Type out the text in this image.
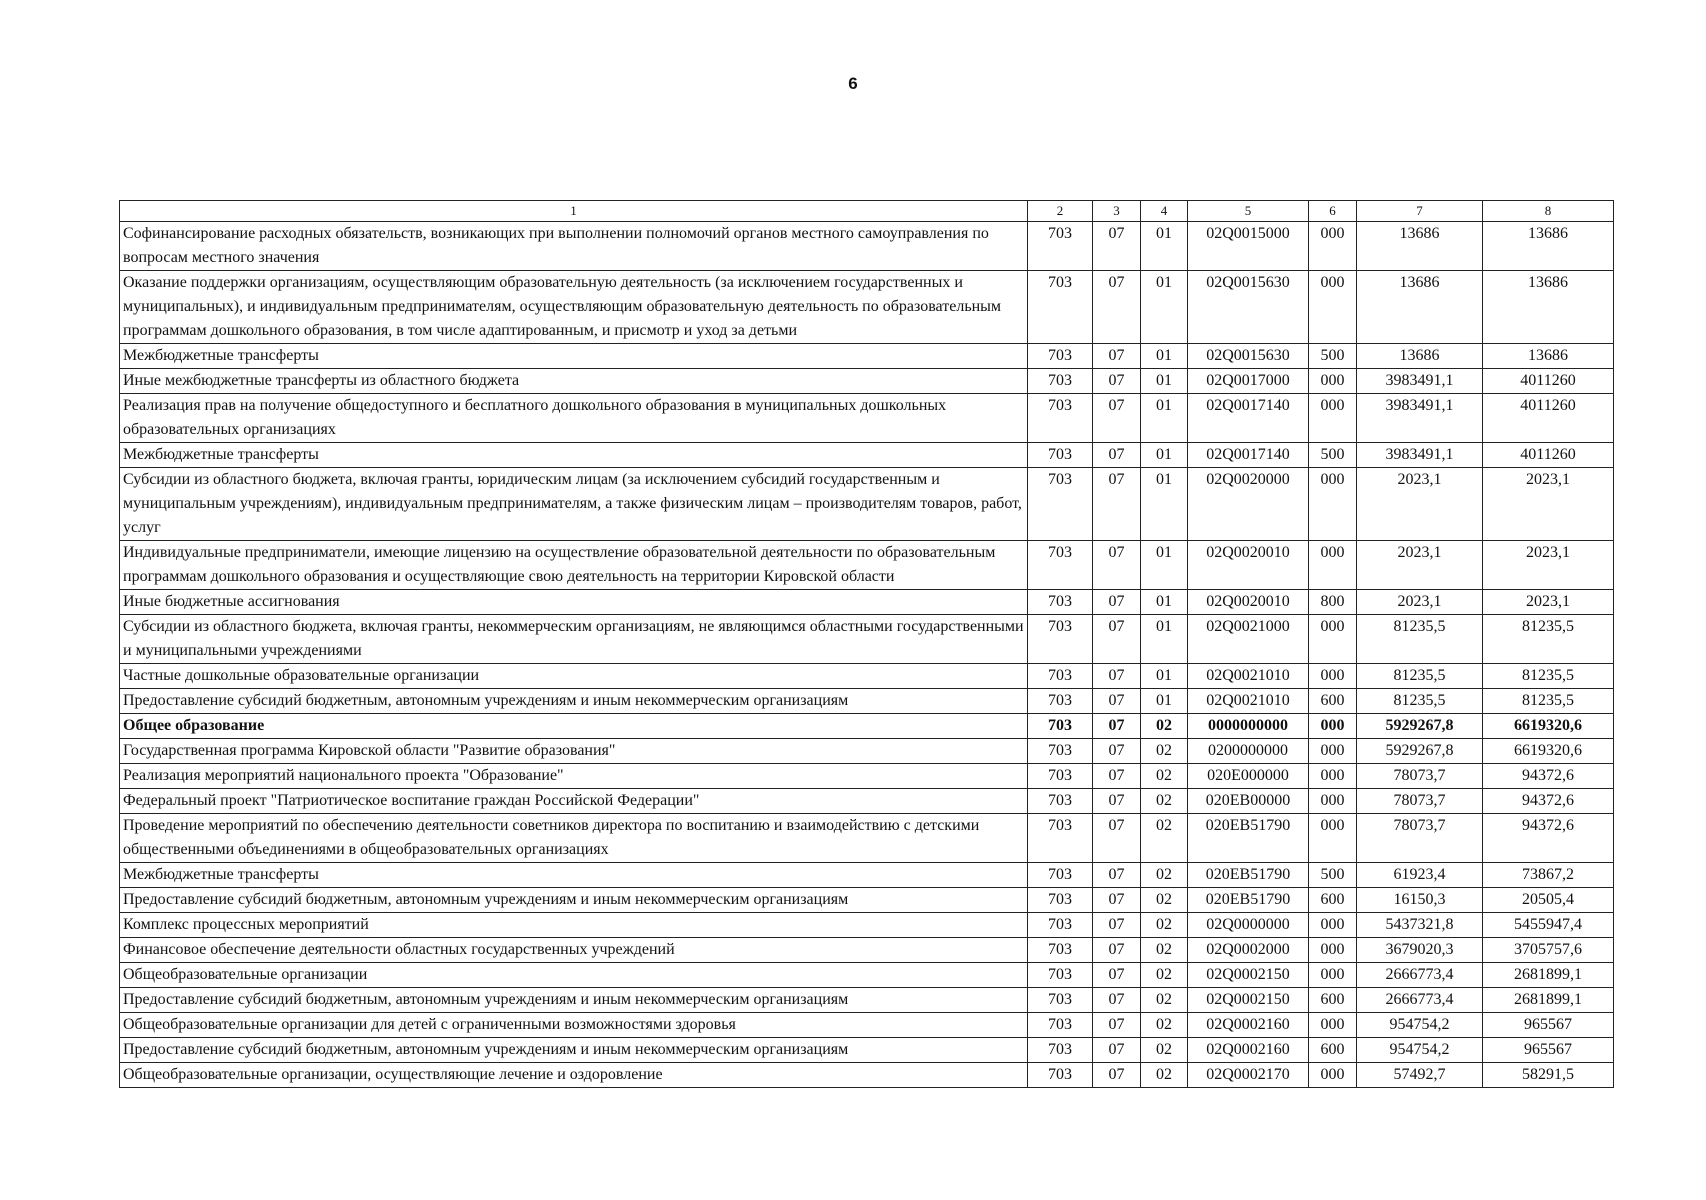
6
1	2	3	4	5	6	7	8
Софинансирование расходных обязательств, возникающих при выполнении полномочий органов местного самоуправления по вопросам местного значения	703	07	01	02Q0015000	000	13686	13686
Оказание поддержки организациям, осуществляющим образовательную деятельность (за исключением государственных и муниципальных), и индивидуальным предпринимателям, осуществляющим образовательную деятельность по образовательным программам дошкольного образования, в том числе адаптированным, и присмотр и уход за детьми	703	07	01	02Q0015630	000	13686	13686
Межбюджетные трансферты	703	07	01	02Q0015630	500	13686	13686
Иные межбюджетные трансферты из областного бюджета	703	07	01	02Q0017000	000	3983491,1	4011260
Реализация прав на получение общедоступного и бесплатного дошкольного образования в муниципальных дошкольных образовательных организациях	703	07	01	02Q0017140	000	3983491,1	4011260
Межбюджетные трансферты	703	07	01	02Q0017140	500	3983491,1	4011260
Субсидии из областного бюджета, включая гранты, юридическим лицам (за исключением субсидий государственным и муниципальным учреждениям), индивидуальным предпринимателям, а также физическим лицам – производителям товаров, работ, услуг	703	07	01	02Q0020000	000	2023,1	2023,1
Индивидуальные предприниматели, имеющие лицензию на осуществление образовательной деятельности по образовательным программам дошкольного образования и осуществляющие свою деятельность на территории Кировской области	703	07	01	02Q0020010	000	2023,1	2023,1
Иные бюджетные ассигнования	703	07	01	02Q0020010	800	2023,1	2023,1
Субсидии из областного бюджета, включая гранты, некоммерческим организациям, не являющимся областными государственными и муниципальными учреждениями	703	07	01	02Q0021000	000	81235,5	81235,5
Частные дошкольные образовательные организации	703	07	01	02Q0021010	000	81235,5	81235,5
Предоставление субсидий бюджетным, автономным учреждениям и иным некоммерческим организациям	703	07	01	02Q0021010	600	81235,5	81235,5
Общее образование	703	07	02	0000000000	000	5929267,8	6619320,6
Государственная программа Кировской области "Развитие образования"	703	07	02	0200000000	000	5929267,8	6619320,6
Реализация мероприятий национального проекта "Образование"	703	07	02	020E000000	000	78073,7	94372,6
Федеральный проект "Патриотическое воспитание граждан Российской Федерации"	703	07	02	020EB00000	000	78073,7	94372,6
Проведение мероприятий по обеспечению деятельности советников директора по воспитанию и взаимодействию с детскими общественными объединениями в общеобразовательных организациях	703	07	02	020EB51790	000	78073,7	94372,6
Межбюджетные трансферты	703	07	02	020EB51790	500	61923,4	73867,2
Предоставление субсидий бюджетным, автономным учреждениям и иным некоммерческим организациям	703	07	02	020EB51790	600	16150,3	20505,4
Комплекс процессных мероприятий	703	07	02	02Q0000000	000	5437321,8	5455947,4
Финансовое обеспечение деятельности областных государственных учреждений	703	07	02	02Q0002000	000	3679020,3	3705757,6
Общеобразовательные организации	703	07	02	02Q0002150	000	2666773,4	2681899,1
Предоставление субсидий бюджетным, автономным учреждениям и иным некоммерческим организациям	703	07	02	02Q0002150	600	2666773,4	2681899,1
Общеобразовательные организации для детей с ограниченными возможностями здоровья	703	07	02	02Q0002160	000	954754,2	965567
Предоставление субсидий бюджетным, автономным учреждениям и иным некоммерческим организациям	703	07	02	02Q0002160	600	954754,2	965567
Общеобразовательные организации, осуществляющие лечение и оздоровление	703	07	02	02Q0002170	000	57492,7	58291,5
